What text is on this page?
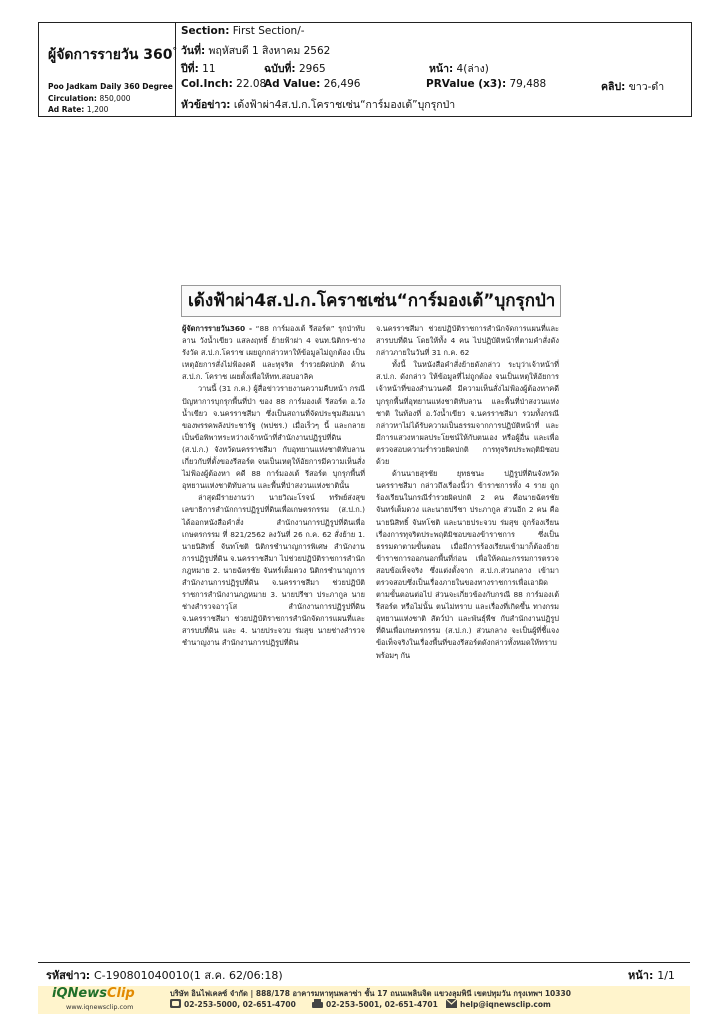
ผู้จัดการรายวัน 360°
Poo Jadkam Daily 360 Degree
Circulation: 850,000
Ad Rate: 1,200
Section: First Section/-
วันที่: พฤหัสบดี 1 สิงหาคม 2562
ปีที่: 11	ฉบับที่: 2965	หน้า: 4(ล่าง)
Col.Inch: 22.08
Ad Value: 26,496	PRValue (x3): 79,488	คลิป: ขาว-ดำ
หัวข้อข่าว: เด้งฟ้าผ่า4ส.ป.ก.โคราชเซ่น“การ์มองเต้”บุกรุกป่า
เด้งฟ้าผ่า4ส.ป.ก.โคราชเซ่น“การ์มองเต้”บุกรุกป่า

ผู้จัดการรายวัน360 - “88 การ์มองเต้ รีสอร์ต” รุกป่าทับลาน วังน้ำเขียว แสลงฤทธิ์ ย้ายฟ้าผ่า 4 จนท.นิติกร-ช่างรังวัด ส.ป.ก.โคราช เผยถูกกล่าวหาให้ข้อมูลไม่ถูกต้อง เป็นเหตุอัยการสั่งไม่ฟ้องคดี และทุจริต ร่ำรวยผิดปกติ ด้าน ส.ป.ก. โคราช เผยตั้งเพื่อให้ทท.สอบอาลิค

วานนี้ (31 ก.ค.) ผู้สื่อข่าวรายงานความคืบหน้า กรณีปัญหาการบุกรุกพื้นที่ป่า ของ 88 การ์มองเต้ รีสอร์ต อ.วังน้ำเขียว จ.นครราชสีมา ซึ่งเป็นสถานที่จัดประชุมสัมมนาของพรรคพลังประชารัฐ (พปชร.) เมื่อเร็วๆ นี้ และกลายเป็นข้อพิพาทระหว่างเจ้าหน้าที่สำนักงานปฏิรูปที่ดิน (ส.ป.ก.) จังหวัดนครราชสีมา กับอุทยานแห่งชาติทับลาน เกี่ยวกับที่ตั้งของรีสอร์ต จนเป็นเหตุให้อัยการมีความเห็นสั่งไม่ฟ้องผู้ต้องหา คดี 88 การ์มองเต้ รีสอร์ต บุกรุกพื้นที่อุทยานแห่งชาติทับลาน และพื้นที่ป่าสงวนแห่งชาตินั้น

ล่าสุดมีรายงานว่า นายวิณะโรจน์ ทรัพย์ส่งสุข เลขาธิการสำนักการปฏิรูปที่ดินเพื่อเกษตรกรรม (ส.ป.ก.) ได้ออกหนังสือคำสั่ง สำนักงานการปฏิรูปที่ดินเพื่อเกษตรกรรม ที่ 821/2562 ลงวันที่ 26 ก.ค. 62 สั่งย้าย 1. นายนิสิทธิ์ จันทโชติ นิติกรชำนาญการพิเศษ สำนักงานการปฏิรูปที่ดิน จ.นครราชสีมา ไปช่วยปฏิบัติราชการสำนักกฎหมาย 2. นายฉัตรชัย จันทร์เต็มดวง นิติกรชำนาญการสำนักงานการปฏิรูปที่ดิน จ.นครราชสีมา ช่วยปฏิบัติราชการสำนักงานกฎหมาย 3. นายปรีชา ประภากูล นายช่างสำรวจอาวุโส สำนักงานการปฏิรูปที่ดิน จ.นครราชสีมา ช่วยปฏิบัติราชการสำนักจัดการแผนที่และสารบบที่ดิน และ 4. นายประจวบ ร่มสุข นายช่างสำรวจชำนาญงาน สำนักงานการปฏิรูปที่ดิน

จ.นครราชสีมา ช่วยปฏิบัติราชการสำนักจัดการแผนที่และสารบบที่ดิน โดยให้ทั้ง 4 คน ไปปฏิบัติหน้าที่ตามคำสั่งดังกล่าวภายในวันที่ 31 ก.ค. 62

ทั้งนี้ ในหนังสือคำสั่งย้ายดังกล่าว ระบุว่าเจ้าหน้าที่ ส.ป.ก. ดังกล่าว ให้ข้อมูลที่ไม่ถูกต้อง จนเป็นเหตุให้อัยการเจ้าหน้าที่ของสำนวนคดี มีความเห็นสั่งไม่ฟ้องผู้ต้องหาคดีบุกรุกพื้นที่อุทยานแห่งชาติทับลาน และพื้นที่ป่าสงวนแห่งชาติ ในท้องที่ อ.วังน้ำเขียว จ.นครราชสีมา รวมทั้งกรณีกล่าวหาไม่ได้รับความเป็นธรรมจากการปฏิบัติหน้าที่ และ มีการแสวงหาผลประโยชน์ให้กับตนเอง หรือผู้อื่น และเพื่อตรวจสอบความร่ำรวยผิดปกติ การทุจริตประพฤติมิชอบด้วย

ด้านนายสุรชัย ยุทธชนะ ปฏิรูปที่ดินจังหวัดนครราชสีมา กล่าวถึงเรื่องนี้ว่า ข้าราชการทั้ง 4 ราย ถูกร้องเรียนในกรณีร่ำรวยผิดปกติ 2 คน คือนายฉัตรชัย จันทร์เต็มดวง และนายปรีชา ประภากูล ส่วนอีก 2 คน คือ นายนิสิทธิ์ จันทโชติ และนายประจวบ ร่มสุข ถูกร้องเรียนเรื่องการทุจริตประพฤติมิชอบของข้าราชการ ซึ่งเป็นธรรมดาตามขั้นตอน เมื่อมีการร้องเรียนเข้ามาก็ต้องย้ายข้าราชการออกนอกพื้นที่ก่อน เพื่อให้คณะกรรมการตรวจสอบข้อเท็จจริง ซึ่งแต่งตั้งจาก ส.ป.ก.ส่วนกลาง เข้ามาตรวจสอบซึ่งเป็นเรื่องภายในของทางราชการเพื่อเอาผิดตามขั้นตอนต่อไป ส่วนจะเกี่ยวข้องกับกรณี 88 การ์มองเต้ รีสอร์ต หรือไม่นั้น ตนไม่ทราบ และเรื่องที่เกิดขึ้น ทางกรมอุทยานแห่งชาติ สัตว์ป่า และพันธุ์พืช กับสำนักงานปฏิรูปที่ดินเพื่อเกษตรกรรม (ส.ป.ก.) ส่วนกลาง จะเป็นผู้ที่ชี้แจงข้อเท็จจริงในเรื่องพื้นที่ของรีสอร์ตดังกล่าวทั้งหมดให้ทราบพร้อมๆ กัน

รหัสข่าว: C-190801040010(1 ส.ค. 62/06:18)	หน้า: 1/1
iQNewsClip
www.iqnewsclip.com
บริษัท อินไฟเคลซ์ จำกัด | 888/178 อาคารมหาทุนพลาซ่า ชั้น 17 ถนนเพลินจิต แขวงลุมพินี เขตปทุมวัน กรุงเทพฯ 10330
02-253-5000, 02-651-4700	02-253-5001, 02-651-4701	help@iqnewsclip.com
